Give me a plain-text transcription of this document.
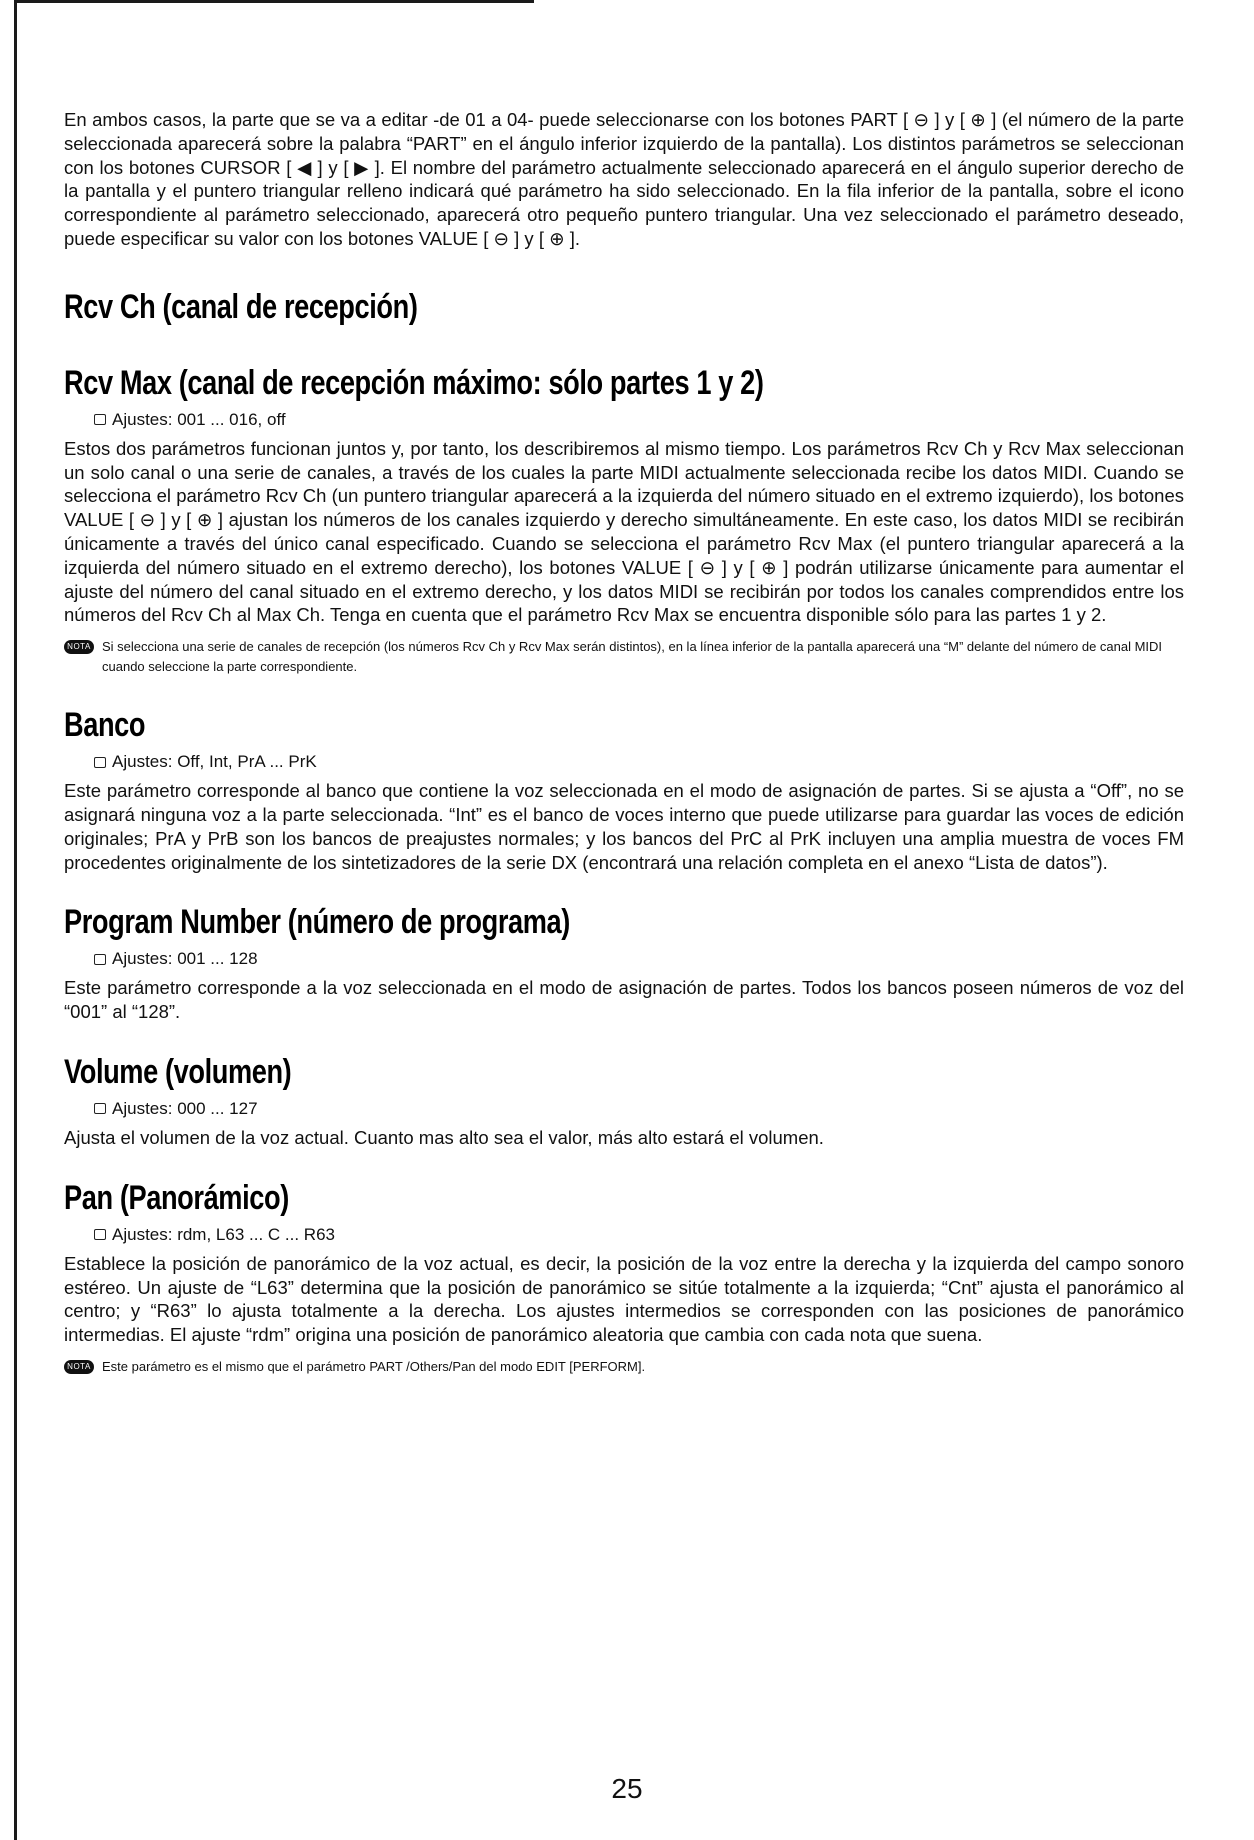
En ambos casos, la parte que se va a editar -de 01 a 04- puede seleccionarse con los botones PART [ ⊖ ] y [ ⊕ ] (el número de la parte seleccionada aparecerá sobre la palabra “PART” en el ángulo inferior izquierdo de la pantalla). Los distintos parámetros se seleccionan con los botones CURSOR [ ◀ ] y [ ▶ ]. El nombre del parámetro actualmente seleccionado aparecerá en el ángulo superior derecho de la pantalla y el puntero triangular relleno indicará qué parámetro ha sido seleccionado. En la fila inferior de la pantalla, sobre el icono correspondiente al parámetro seleccionado, aparecerá otro pequeño puntero triangular. Una vez seleccionado el parámetro deseado, puede especificar su valor con los botones VALUE [ ⊖ ] y [ ⊕ ].

Rcv Ch (canal de recepción)
Rcv Max (canal de recepción máximo: sólo partes 1 y 2)
Ajustes: 001 ... 016, off

Estos dos parámetros funcionan juntos y, por tanto, los describiremos al mismo tiempo. Los parámetros Rcv Ch y Rcv Max seleccionan un solo canal o una serie de canales, a través de los cuales la parte MIDI actualmente seleccionada recibe los datos MIDI. Cuando se selecciona el parámetro Rcv Ch (un puntero triangular aparecerá a la izquierda del número situado en el extremo izquierdo), los botones VALUE [ ⊖ ] y [ ⊕ ] ajustan los números de los canales izquierdo y derecho simultáneamente. En este caso, los datos MIDI se recibirán únicamente a través del único canal especificado. Cuando se selecciona el parámetro Rcv Max (el puntero triangular aparecerá a la izquierda del número situado en el extremo derecho), los botones VALUE [ ⊖ ] y [ ⊕ ] podrán utilizarse únicamente para aumentar el ajuste del número del canal situado en el extremo derecho, y los datos MIDI se recibirán por todos los canales comprendidos entre los números del Rcv Ch al Max Ch. Tenga en cuenta que el parámetro Rcv Max se encuentra disponible sólo para las partes 1 y 2.

NOTA Si selecciona una serie de canales de recepción (los números Rcv Ch y Rcv Max serán distintos), en la línea inferior de la pantalla aparecerá una “M” delante del número de canal MIDI cuando seleccione la parte correspondiente.
Banco
Ajustes: Off, Int, PrA ... PrK

Este parámetro corresponde al banco que contiene la voz seleccionada en el modo de asignación de partes. Si se ajusta a “Off”, no se asignará ninguna voz a la parte seleccionada. “Int” es el banco de voces interno que puede utilizarse para guardar las voces de edición originales; PrA y PrB son los bancos de preajustes normales; y los bancos del PrC al PrK incluyen una amplia muestra de voces FM procedentes originalmente de los sintetizadores de la serie DX (encontrará una relación completa en el anexo “Lista de datos”).

Program Number (número de programa)
Ajustes: 001 ... 128

Este parámetro corresponde a la voz seleccionada en el modo de asignación de partes. Todos los bancos poseen números de voz del “001” al “128”.

Volume (volumen)
Ajustes: 000 ... 127

Ajusta el volumen de la voz actual. Cuanto mas alto sea el valor, más alto estará el volumen.

Pan (Panorámico)
Ajustes: rdm, L63 ... C ... R63

Establece la posición de panorámico de la voz actual, es decir, la posición de la voz entre la derecha y la izquierda del campo sonoro estéreo. Un ajuste de “L63” determina que la posición de panorámico se sitúe totalmente a la izquierda; “Cnt” ajusta el panorámico al centro; y “R63” lo ajusta totalmente a la derecha. Los ajustes intermedios se corresponden con las posiciones de panorámico intermedias. El ajuste “rdm” origina una posición de panorámico aleatoria que cambia con cada nota que suena.

NOTA Este parámetro es el mismo que el parámetro PART /Others/Pan del modo EDIT [PERFORM].
25
